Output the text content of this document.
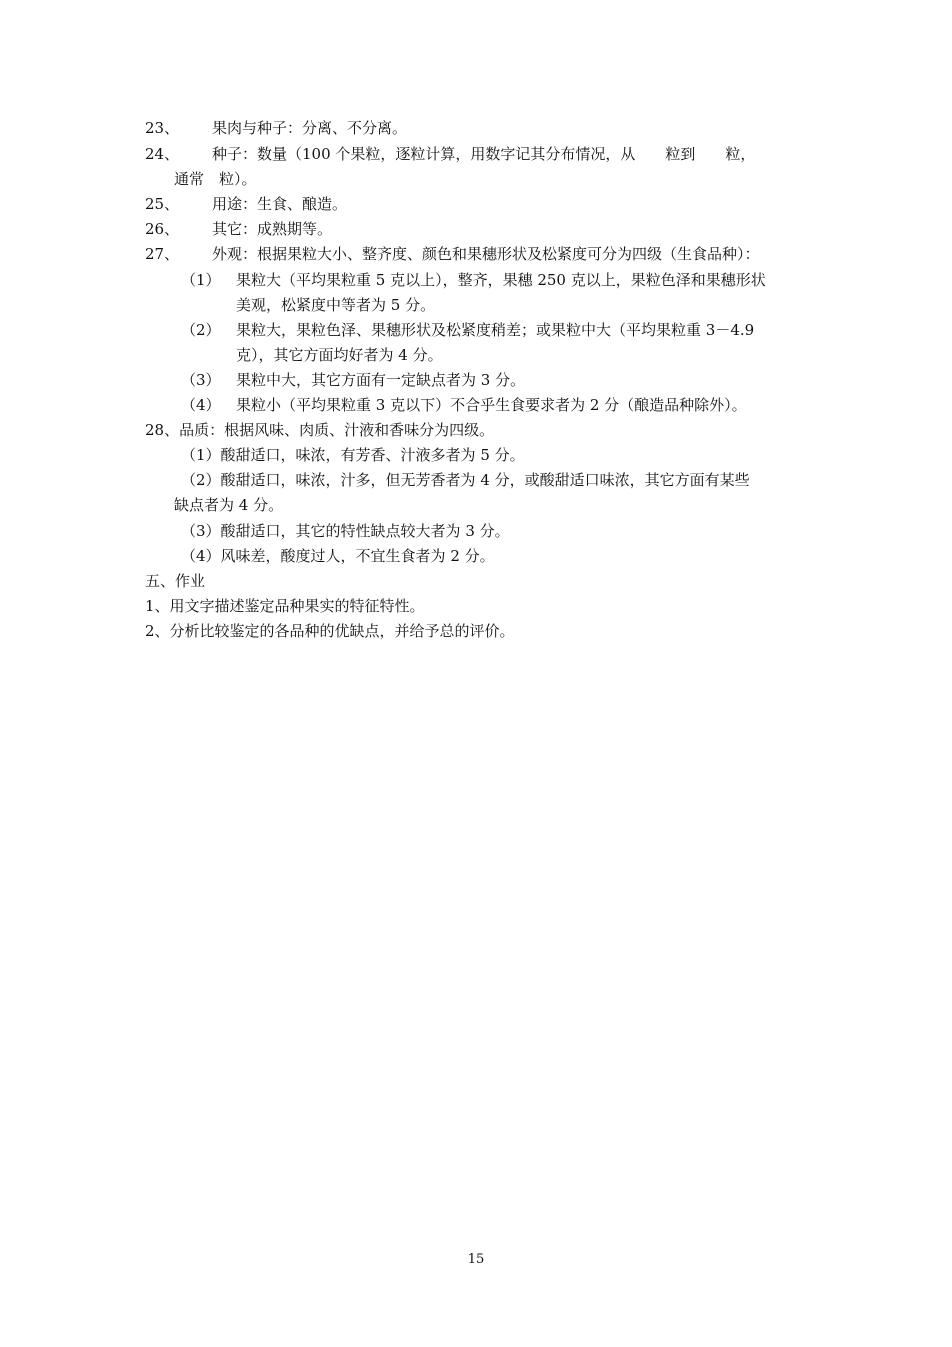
23、 果肉与种子：分离、不分离。
24、 种子：数量（100 个果粒，逐粒计算，用数字记其分布情况，从　　粒到　　粒，
通常　粒）。
25、 用途：生食、酿造。
26、 其它：成熟期等。
27、 外观：根据果粒大小、整齐度、颜色和果穗形状及松紧度可分为四级（生食品种）：
（1） 果粒大（平均果粒重 5 克以上），整齐，果穗 250 克以上，果粒色泽和果穗形状
美观，松紧度中等者为 5 分。
（2） 果粒大，果粒色泽、果穗形状及松紧度稍差；或果粒中大（平均果粒重 3－4.9
克），其它方面均好者为 4 分。
（3） 果粒中大，其它方面有一定缺点者为 3 分。
（4） 果粒小（平均果粒重 3 克以下）不合乎生食要求者为 2 分（酿造品种除外）。
28、品质：根据风味、肉质、汁液和香味分为四级。
（1）酸甜适口，味浓，有芳香、汁液多者为 5 分。
（2）酸甜适口，味浓，汁多，但无芳香者为 4 分，或酸甜适口味浓，其它方面有某些
缺点者为 4 分。
（3）酸甜适口，其它的特性缺点较大者为 3 分。
（4）风味差，酸度过人，不宜生食者为 2 分。
五、作业
1、用文字描述鉴定品种果实的特征特性。
2、分析比较鉴定的各品种的优缺点，并给予总的评价。
15
